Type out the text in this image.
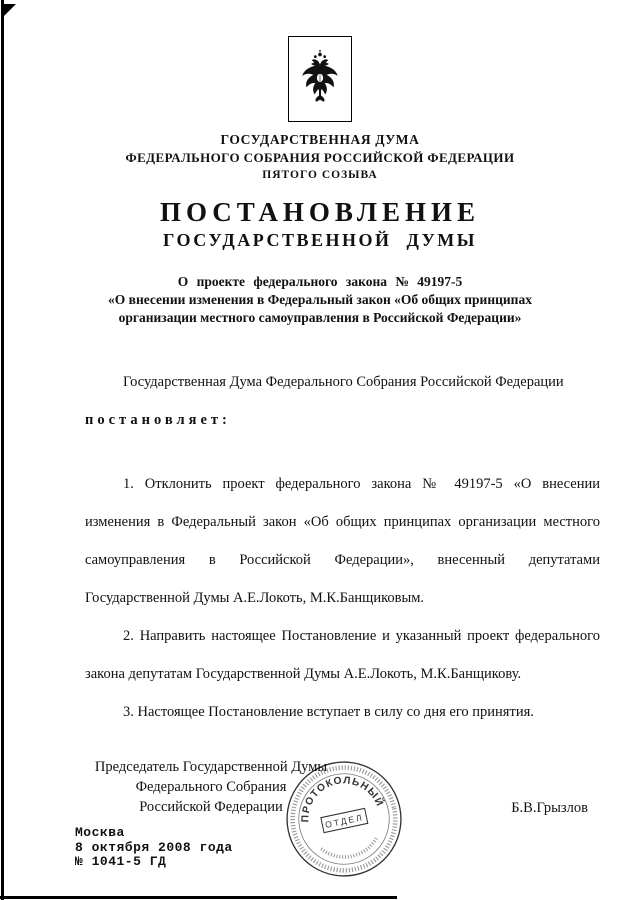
ГОСУДАРСТВЕННАЯ ДУМА
ФЕДЕРАЛЬНОГО СОБРАНИЯ РОССИЙСКОЙ ФЕДЕРАЦИИ
ПЯТОГО СОЗЫВА
ПОСТАНОВЛЕНИЕ
ГОСУДАРСТВЕННОЙ ДУМЫ
О проекте федерального закона № 49197-5
«О внесении изменения в Федеральный закон «Об общих принципах
организации местного самоуправления в Российской Федерации»

Государственная Дума Федерального Собрания Российской Федерации

постановляет:

1. Отклонить проект федерального закона № 49197-5 «О внесении изменения в Федеральный закон «Об общих принципах организации местного самоуправления в Российской Федерации», внесенный депутатами Государственной Думы А.Е.Локоть, М.К.Банщиковым.

2. Направить настоящее Постановление и указанный проект федерального закона депутатам Государственной Думы А.Е.Локоть, М.К.Банщикову.

3. Настоящее Постановление вступает в силу со дня его принятия.

Председатель Государственной Думы
Федерального Собрания
Российской Федерации	Б.В.Грызлов
Москва
8 октября 2008 года
№ 1041-5 ГД
ПРОТОКОЛЬНЫЙ
ОТДЕЛ
